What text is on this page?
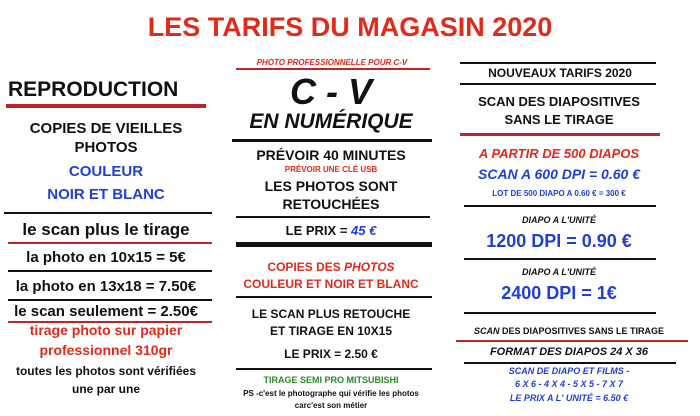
LES TARIFS DU MAGASIN 2020
REPRODUCTION
COPIES DE VIEILLES
PHOTOS
COULEUR
NOIR ET BLANC
le scan plus le tirage
la photo en 10x15 = 5€
la photo en 13x18 = 7.50€
le scan seulement = 2.50€
tirage photo sur papier
professionnel 310gr
toutes les photos sont vérifiées
une par une
PHOTO PROFESSIONNELLE POUR C-V
C - V
EN NUMÉRIQUE
PRÉVOIR 40 MINUTES
PRÉVOIR UNE CLÉ USB
LES PHOTOS SONT
RETOUCHÉES
LE PRIX = 45 €
COPIES DES PHOTOS
COULEUR ET NOIR ET BLANC
LE SCAN PLUS RETOUCHE
ET TIRAGE EN 10X15
LE PRIX = 2.50 €
TIRAGE SEMI PRO MITSUBISHI
PS -c'est le photographe qui vérifie les photos
carc'est son métier
NOUVEAUX TARIFS 2020
SCAN DES DIAPOSITIVES
SANS LE TIRAGE
A PARTIR DE 500 DIAPOS
SCAN A 600 DPI = 0.60 €
LOT DE 500 DIAPO A 0.60 € = 300 €
DIAPO A L'UNITÉ
1200 DPI = 0.90 €
DIAPO A L'UNITÉ
2400 DPI = 1€
SCAN DES DIAPOSITIVES SANS LE TIRAGE
FORMAT DES DIAPOS 24 X 36
SCAN DE DIAPO ET FILMS -
6 X 6 - 4 X 4 - 5 X 5 - 7 X 7
LE PRIX A L' UNITÉ = 6.50 €
